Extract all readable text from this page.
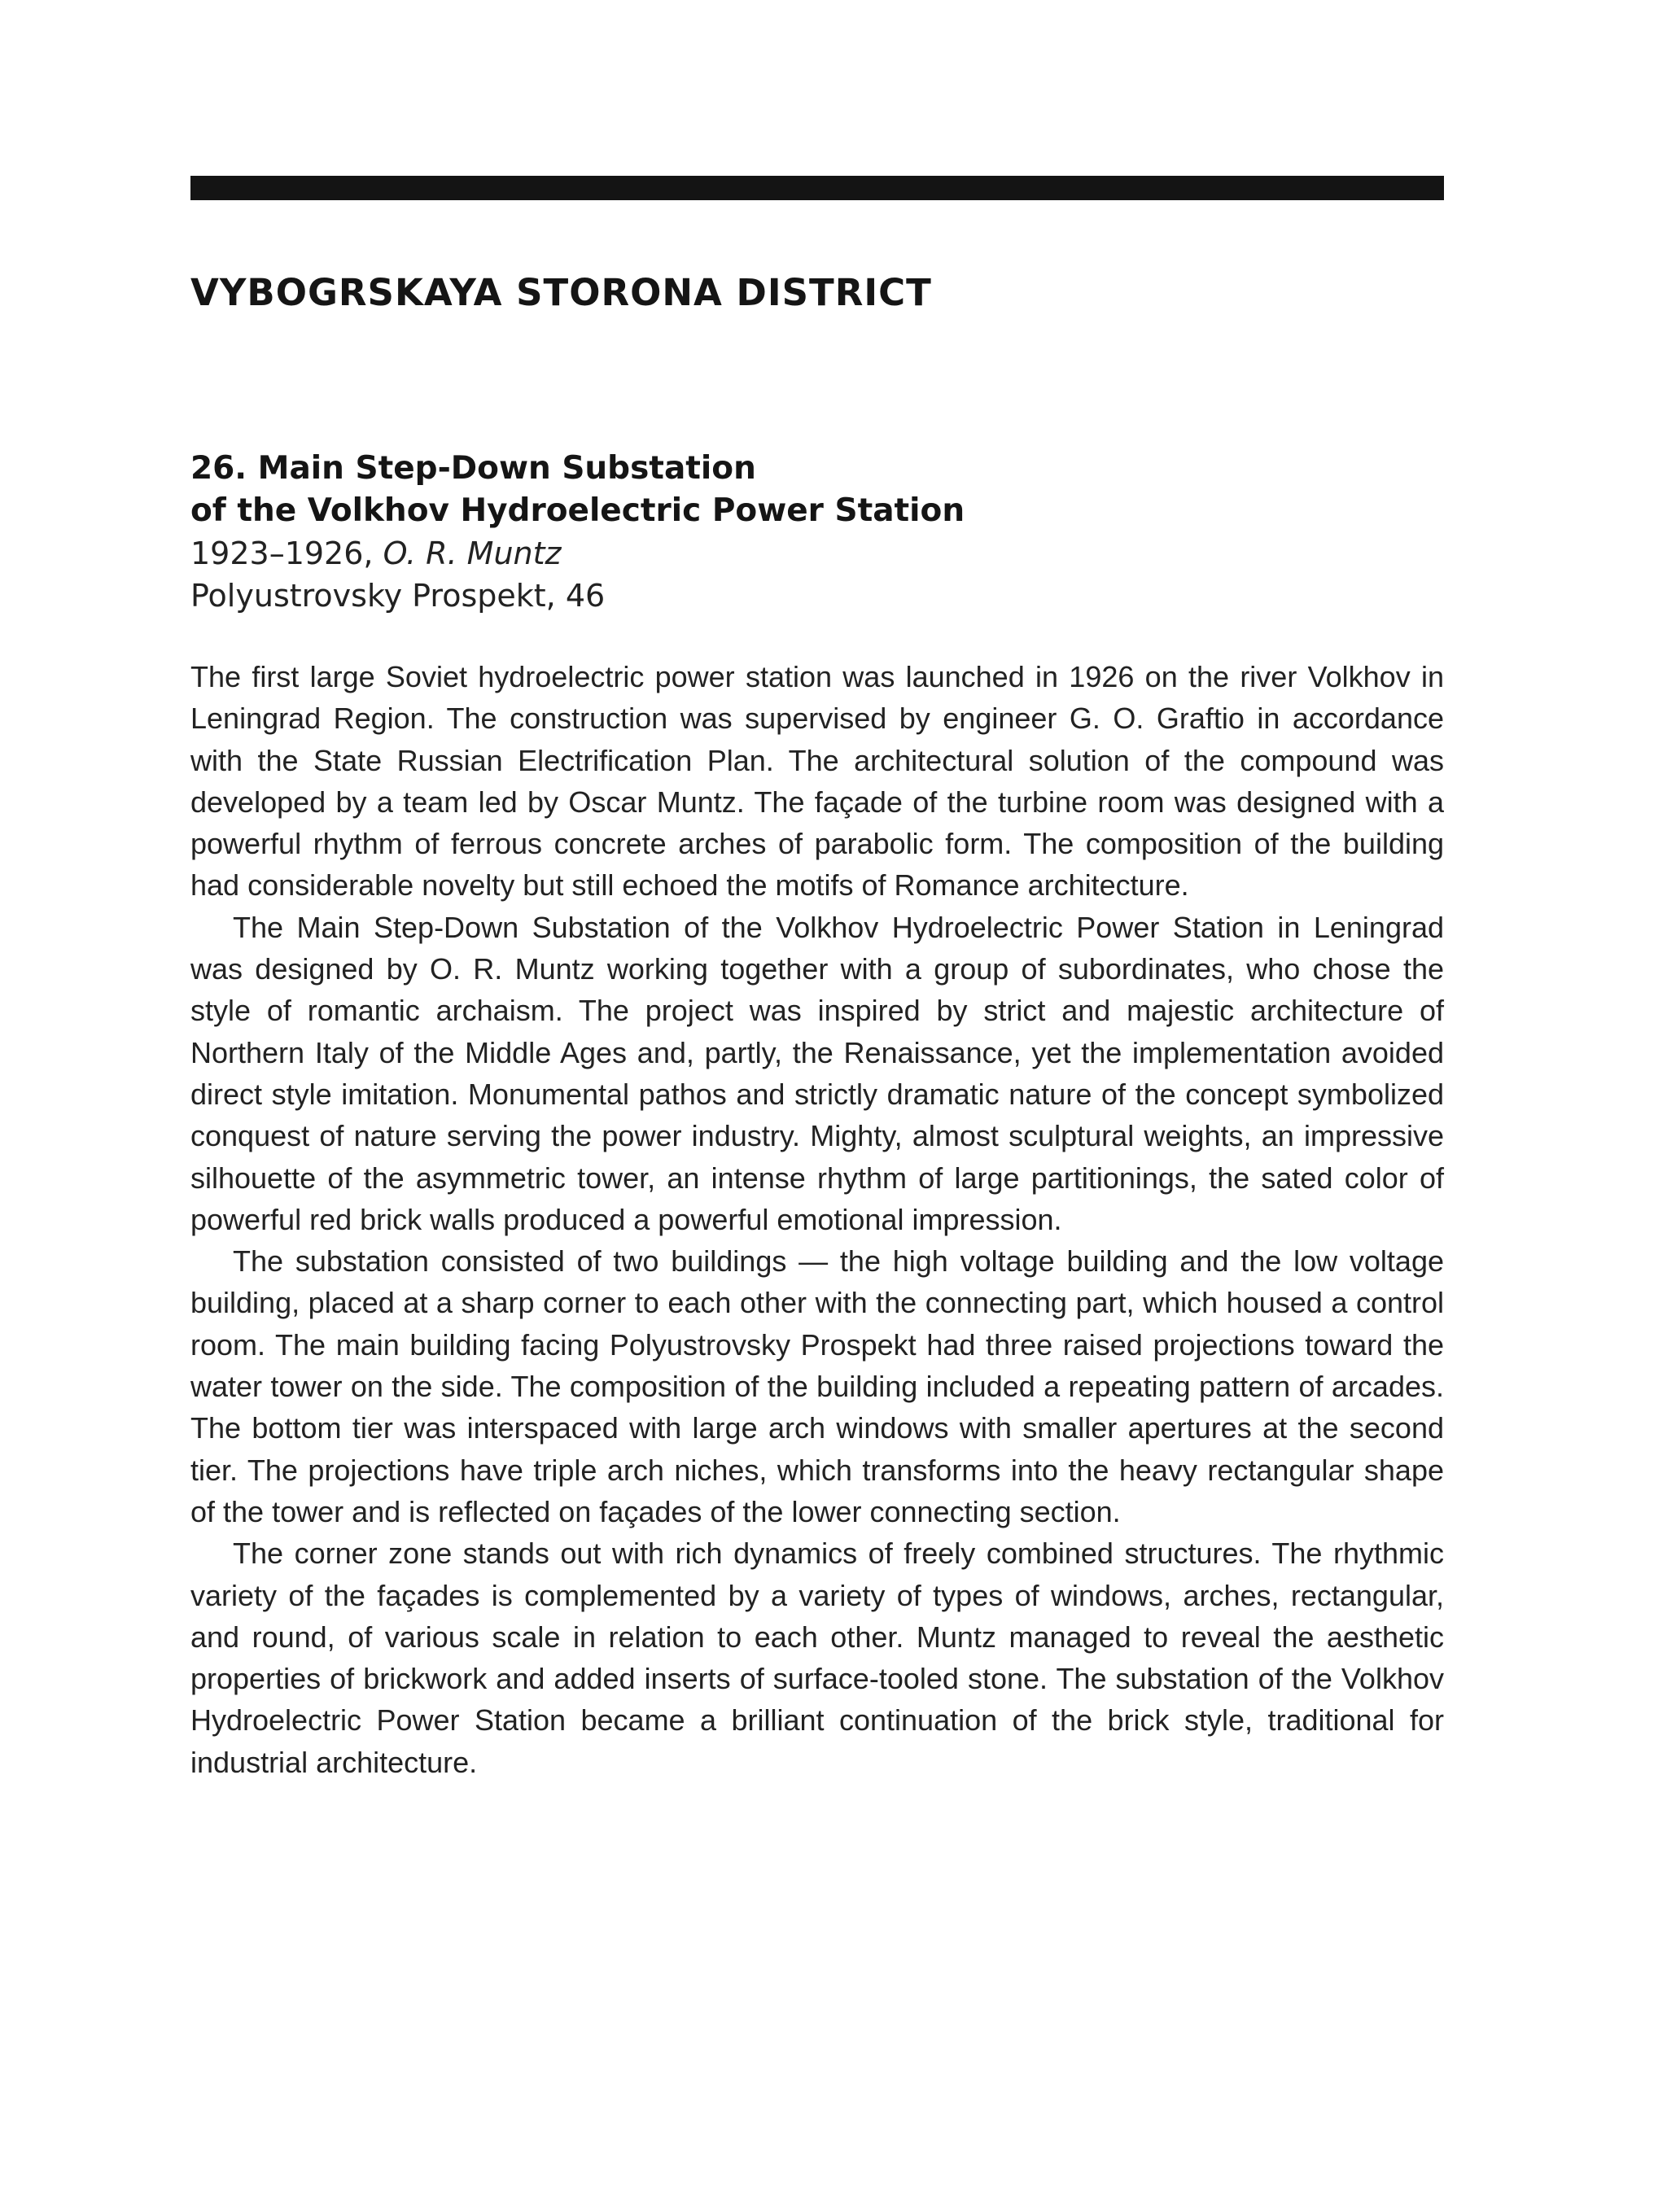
VYBOGRSKAYA STORONA DISTRICT
26. Main Step-Down Substation
of the Volkhov Hydroelectric Power Station
1923–1926, O. R. Muntz
Polyustrovsky Prospekt, 46

The first large Soviet hydroelectric power station was launched in 1926 on the river Volkhov in Leningrad Region. The construction was supervised by engineer G. O. Graftio in accordance with the State Russian Electrification Plan. The architectural solution of the compound was developed by a team led by Oscar Muntz. The façade of the turbine room was designed with a powerful rhythm of ferrous concrete arches of parabolic form. The composition of the building had considerable novelty but still echoed the motifs of Romance architecture.

The Main Step-Down Substation of the Volkhov Hydroelectric Power Station in Leningrad was designed by O. R. Muntz working together with a group of subordinates, who chose the style of romantic archaism. The project was inspired by strict and majestic architecture of Northern Italy of the Middle Ages and, partly, the Renaissance, yet the implementation avoided direct style imitation. Monumental pathos and strictly dramatic nature of the concept symbolized conquest of nature serving the power industry. Mighty, almost sculptural weights, an impressive silhouette of the asymmetric tower, an intense rhythm of large partitionings, the sated color of powerful red brick walls produced a powerful emotional impression.

The substation consisted of two buildings — the high voltage building and the low voltage building, placed at a sharp corner to each other with the connecting part, which housed a control room. The main building facing Polyustrovsky Prospekt had three raised projections toward the water tower on the side. The composition of the building included a repeating pattern of arcades. The bottom tier was interspaced with large arch windows with smaller apertures at the second tier. The projections have triple arch niches, which transforms into the heavy rectangular shape of the tower and is reflected on façades of the lower connecting section.

The corner zone stands out with rich dynamics of freely combined structures. The rhythmic variety of the façades is complemented by a variety of types of windows, arches, rectangular, and round, of various scale in relation to each other. Muntz managed to reveal the aesthetic properties of brickwork and added inserts of surface-tooled stone. The substation of the Volkhov Hydroelectric Power Station became a brilliant continuation of the brick style, traditional for industrial architecture.
